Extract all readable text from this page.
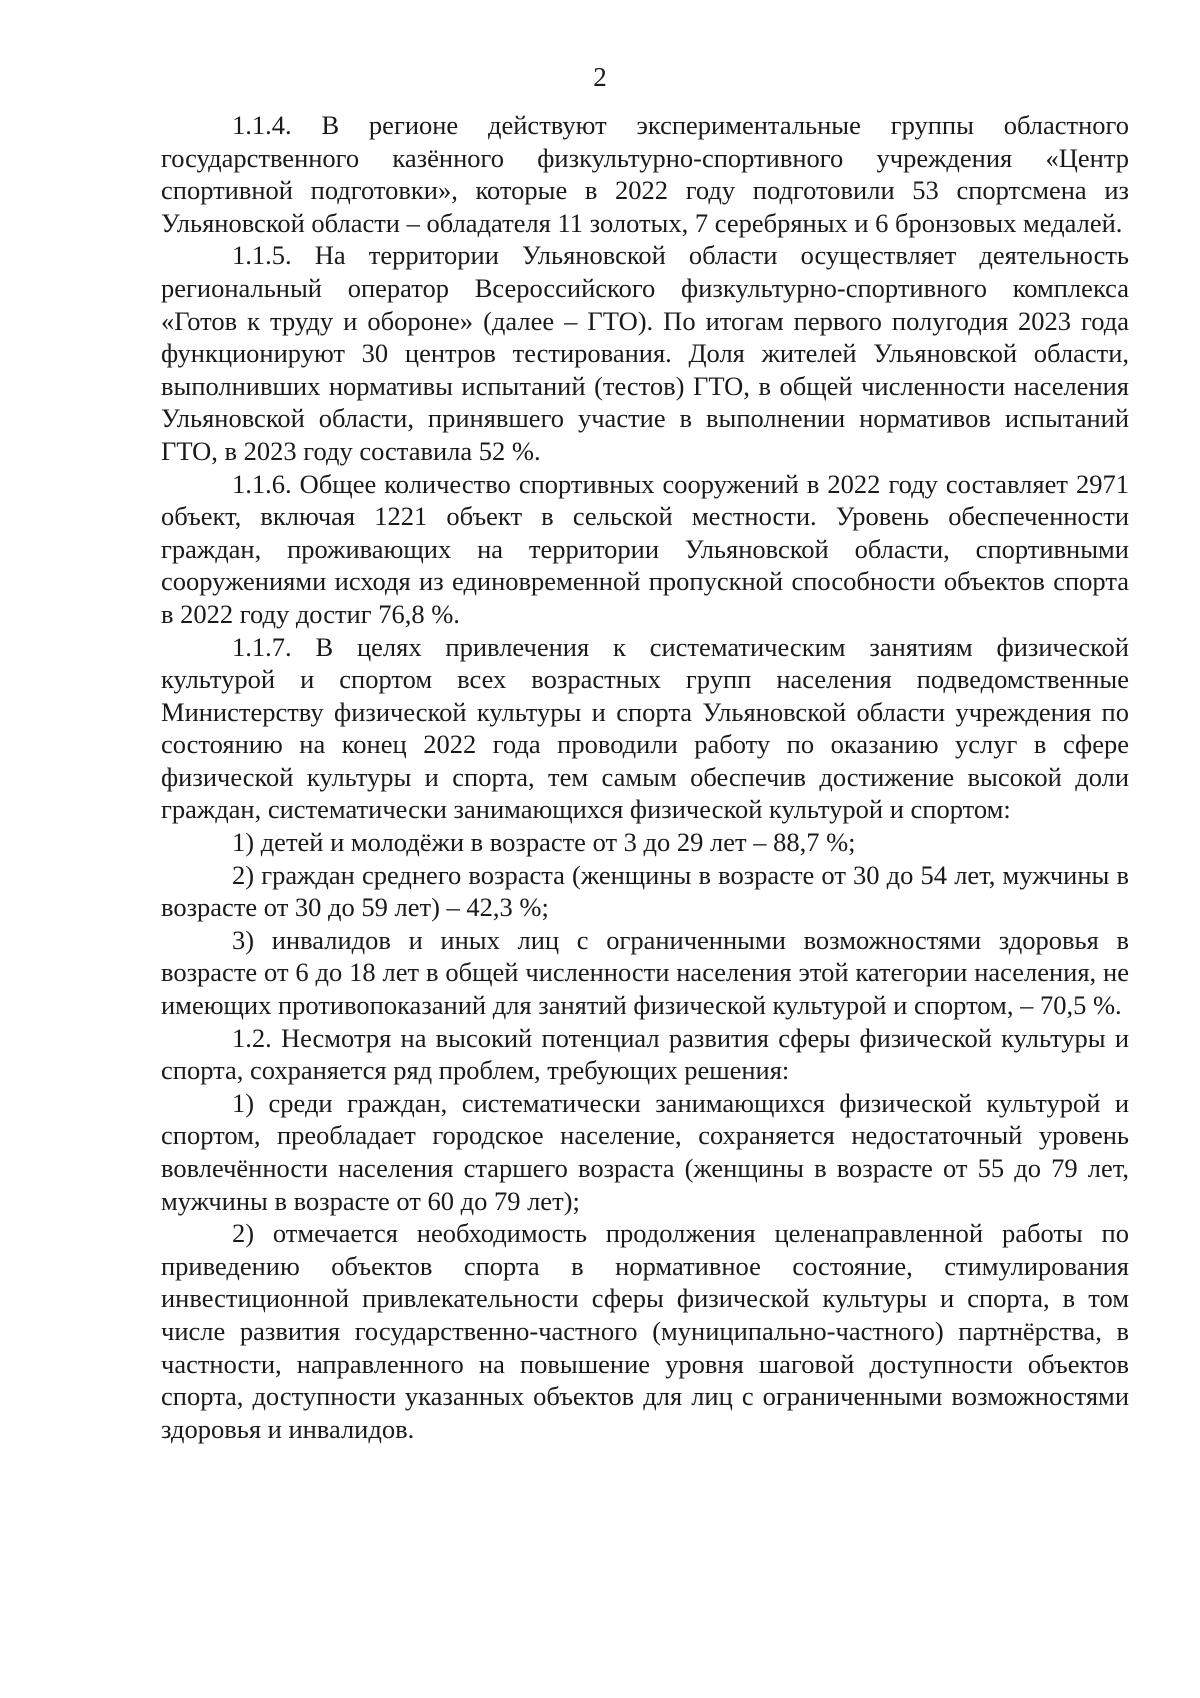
2

1.1.4. В регионе действуют экспериментальные группы областного государственного казённого физкультурно-спортивного учреждения «Центр спортивной подготовки», которые в 2022 году подготовили 53 спортсмена из Ульяновской области – обладателя 11 золотых, 7 серебряных и 6 бронзовых медалей.

1.1.5. На территории Ульяновской области осуществляет деятельность региональный оператор Всероссийского физкультурно-спортивного комплекса «Готов к труду и обороне» (далее – ГТО). По итогам первого полугодия 2023 года функционируют 30 центров тестирования. Доля жителей Ульяновской области, выполнивших нормативы испытаний (тестов) ГТО, в общей численности населения Ульяновской области, принявшего участие в выполнении нормативов испытаний ГТО, в 2023 году составила 52 %.

1.1.6. Общее количество спортивных сооружений в 2022 году составляет 2971 объект, включая 1221 объект в сельской местности. Уровень обеспеченности граждан, проживающих на территории Ульяновской области, спортивными сооружениями исходя из единовременной пропускной способности объектов спорта в 2022 году достиг 76,8 %.

1.1.7. В целях привлечения к систематическим занятиям физической культурой и спортом всех возрастных групп населения подведомственные Министерству физической культуры и спорта Ульяновской области учреждения по состоянию на конец 2022 года проводили работу по оказанию услуг в сфере физической культуры и спорта, тем самым обеспечив достижение высокой доли граждан, систематически занимающихся физической культурой и спортом:

1) детей и молодёжи в возрасте от 3 до 29 лет – 88,7 %;

2) граждан среднего возраста (женщины в возрасте от 30 до 54 лет, мужчины в возрасте от 30 до 59 лет) – 42,3 %;

3) инвалидов и иных лиц с ограниченными возможностями здоровья в возрасте от 6 до 18 лет в общей численности населения этой категории населения, не имеющих противопоказаний для занятий физической культурой и спортом, – 70,5 %.

1.2. Несмотря на высокий потенциал развития сферы физической культуры и спорта, сохраняется ряд проблем, требующих решения:

1) среди граждан, систематически занимающихся физической культурой и спортом, преобладает городское население, сохраняется недостаточный уровень вовлечённости населения старшего возраста (женщины в возрасте от 55 до 79 лет, мужчины в возрасте от 60 до 79 лет);

2) отмечается необходимость продолжения целенаправленной работы по приведению объектов спорта в нормативное состояние, стимулирования инвестиционной привлекательности сферы физической культуры и спорта, в том числе развития государственно-частного (муниципально-частного) партнёрства, в частности, направленного на повышение уровня шаговой доступности объектов спорта, доступности указанных объектов для лиц с ограниченными возможностями здоровья и инвалидов.
